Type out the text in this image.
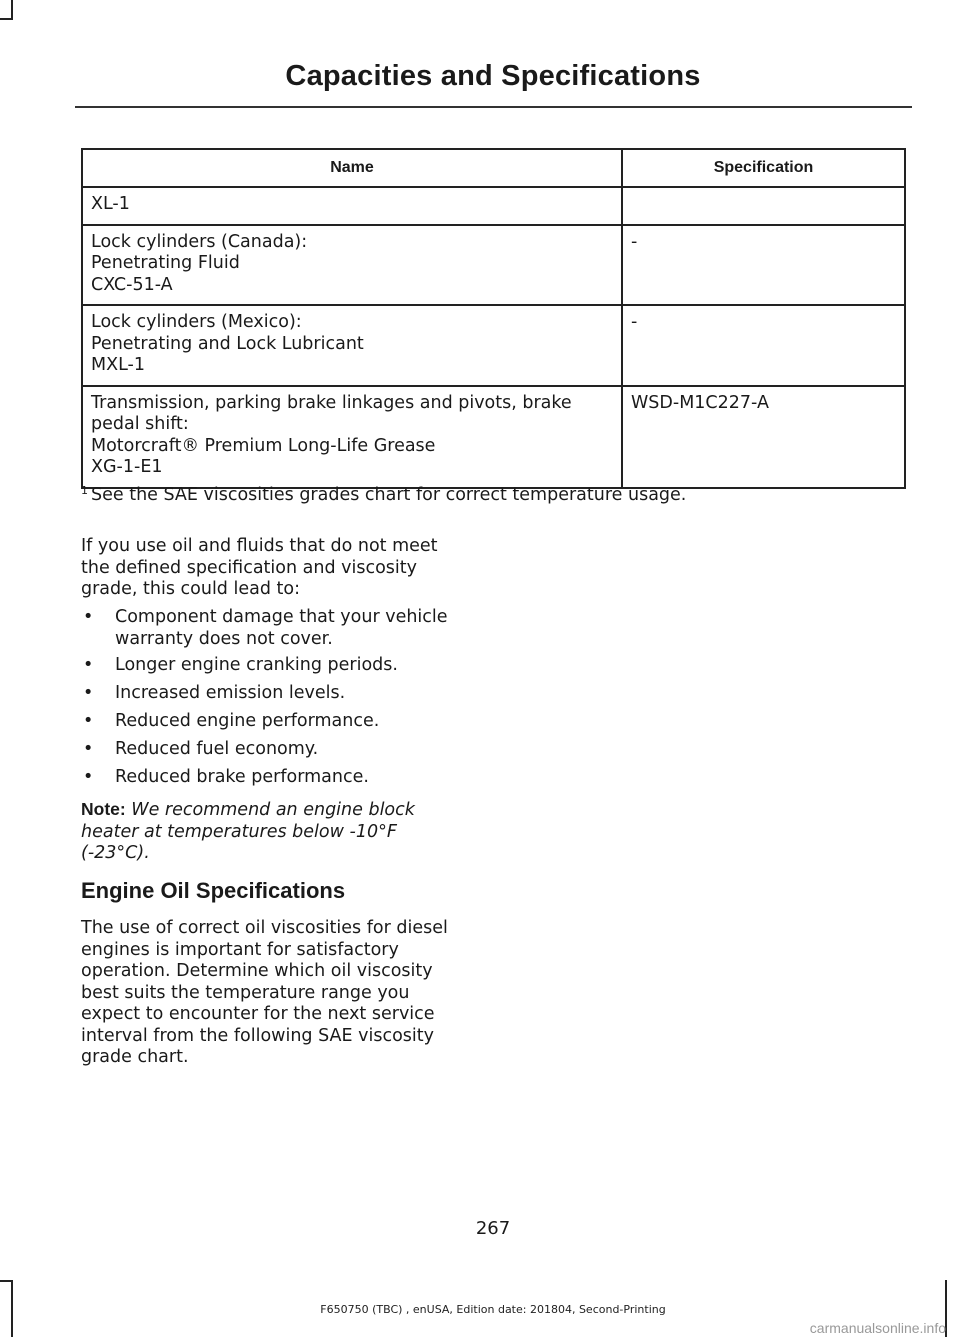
Capacities and Specifications
Name	Specification

XL-1	

Lock cylinders (Canada):
Penetrating Fluid
CXC-51-A	-

Lock cylinders (Mexico):
Penetrating and Lock Lubricant
MXL-1	-

Transmission, parking brake linkages and pivots, brake
pedal shift:
Motorcraft® Premium Long-Life Grease
XG-1-E1	WSD-M1C227-A
$^1$ See the SAE viscosities grades chart for correct temperature usage.
If you use oil and fluids that do not meet
the defined specification and viscosity
grade, this could lead to:
• Component damage that your vehicle
warranty does not cover.
• Longer engine cranking periods.
• Increased emission levels.
• Reduced engine performance.
• Reduced fuel economy.
• Reduced brake performance.
Note: We recommend an engine block
heater at temperatures below -10°F
(-23°C).
Engine Oil Specifications
The use of correct oil viscosities for diesel
engines is important for satisfactory
operation. Determine which oil viscosity
best suits the temperature range you
expect to encounter for the next service
interval from the following SAE viscosity
grade chart.
267
F650750 (TBC) , enUSA, Edition date: 201804, Second-Printing
carmanualsonline.info
